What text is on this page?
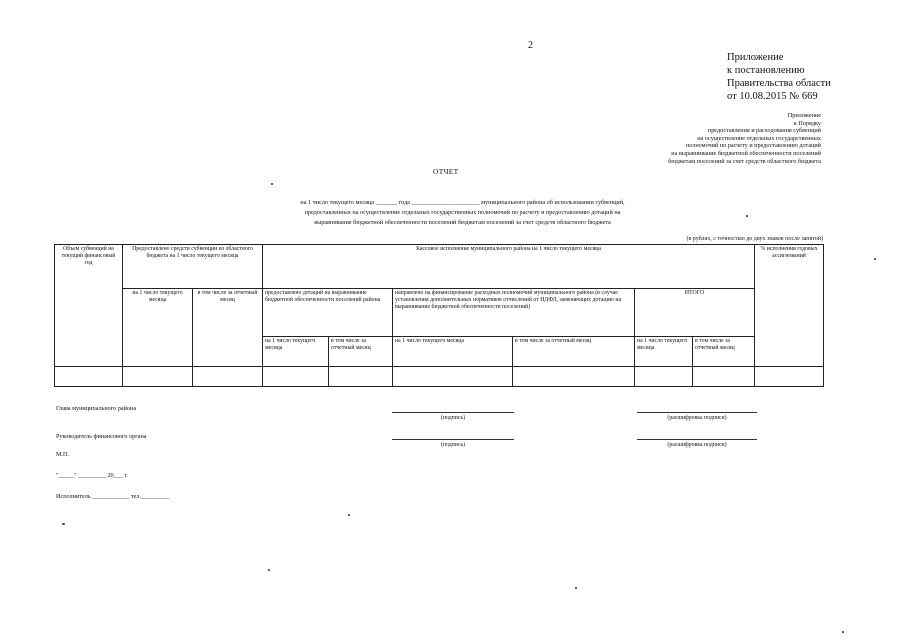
2
Приложение
к постановлению
Правительства области
от 10.08.2015 № 669
Приложение
к Порядку
предоставления и расходования субвенций
на осуществление отдельных государственных
полномочий по расчету и предоставлению дотаций
на выравнивание бюджетной обеспеченности поселений
бюджетам поселений за счет средств областного бюджета
ОТЧЕТ
на 1 число текущего месяца _______ года ______________________ муниципального района об использовании субвенций,
предоставленных на осуществление отдельных государственных полномочий по расчету и предоставлению дотаций на
выравнивание бюджетной обеспеченности поселений бюджетам поселений за счет средств областного бюджета
(в рублях, с точностью до двух знаков после запятой)
Объем субвенций на текущий финансовый год	Предоставлено средств субвенции из областного бюджета на 1 число текущего месяца		Кассовое исполнение муниципального района на 1 число текущего месяца						% исполнения годовых ассигнований
	на 1 число текущего месяца	в том числе за отчетный месяц	предоставлено дотаций на выравнивание бюджетной обеспеченности поселений района		направлено на финансирование расходных полномочий муниципального района (в случае установления дополнительных нормативов отчислений от НДФЛ, заменяющих дотацию на выравнивание бюджетной обеспеченности поселений)		ИТОГО		
			на 1 число текущего месяца	в том числе за отчетный месяц	на 1 число текущего месяца	в том числе за отчетный месяц	на 1 число текущего месяца	в том числе за отчетный месяц	

Глава муниципального района
(подпись)	(расшифровка подписи)
Руководитель финансового органа
(подпись)	(расшифровка подписи)
М.П.
"_____" _________ 20___ г.
Исполнитель ____________ тел._________
